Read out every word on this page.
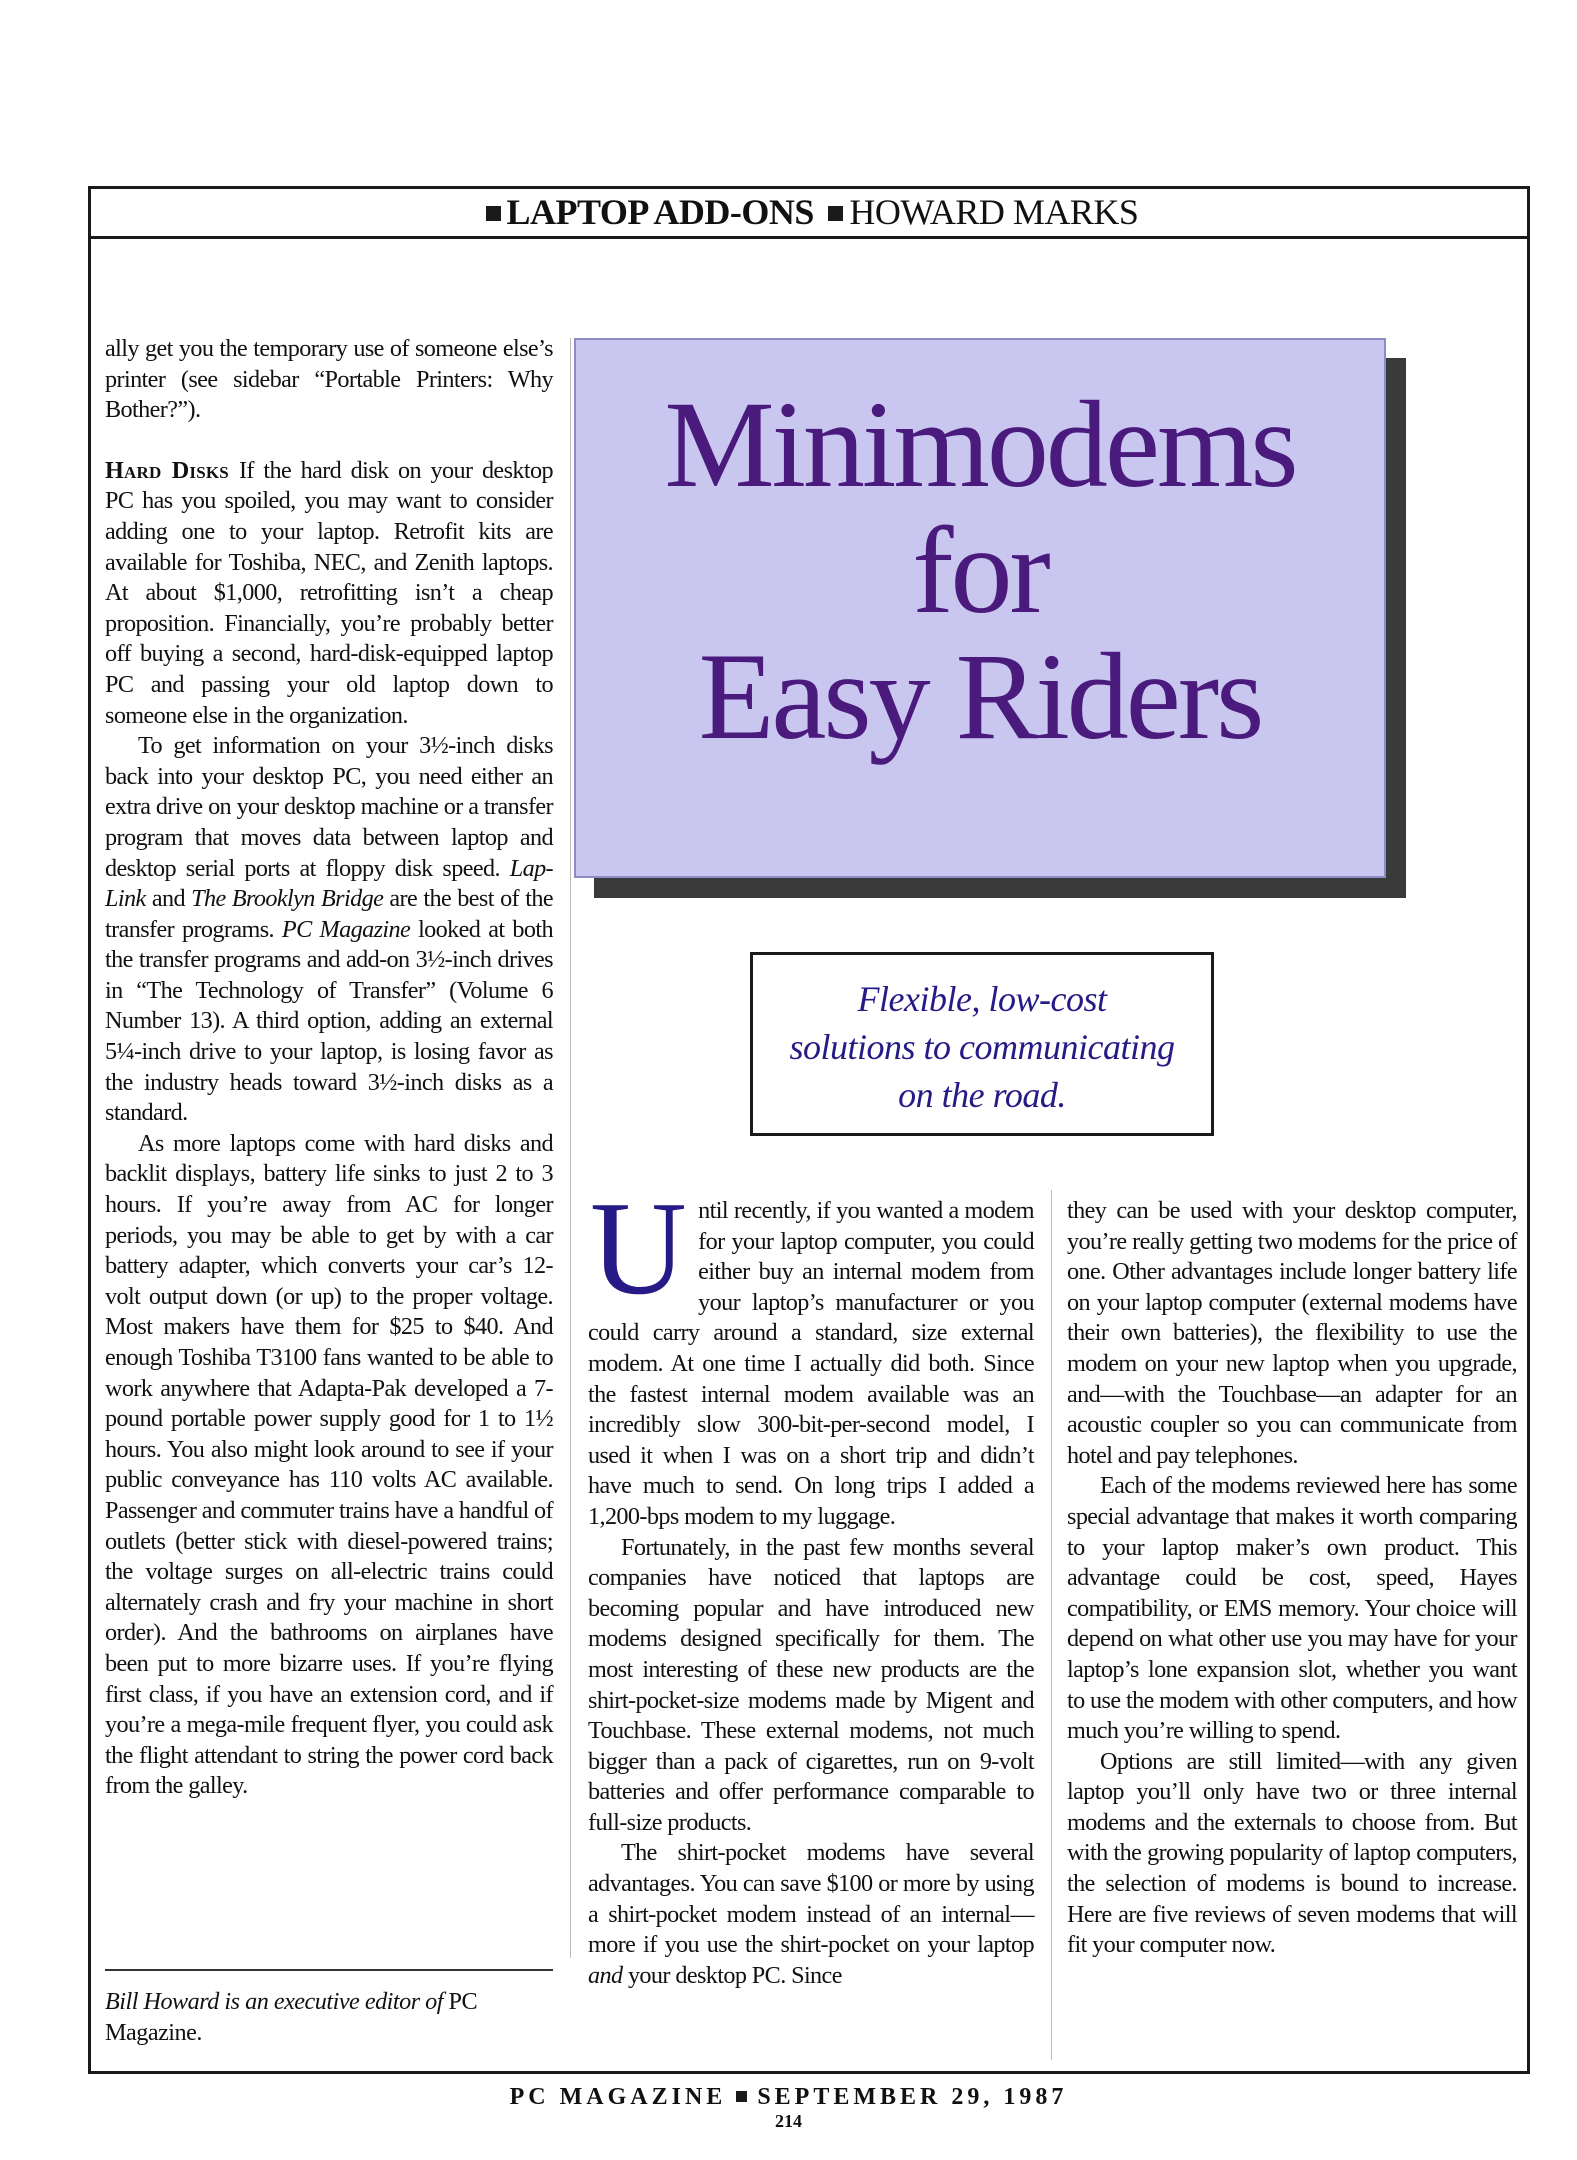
LAPTOP ADD-ONS HOWARD MARKS

ally get you the temporary use of someone else’s printer (see sidebar “Portable Printers: Why Bother?”).

Hard Disks If the hard disk on your desktop PC has you spoiled, you may want to consider adding one to your laptop. Retrofit kits are available for Toshiba, NEC, and Zenith laptops. At about $1,000, retrofitting isn’t a cheap proposition. Financially, you’re probably better off buying a second, hard-disk-equipped laptop PC and passing your old laptop down to someone else in the organization.

To get information on your 3½-inch disks back into your desktop PC, you need either an extra drive on your desktop machine or a transfer program that moves data between laptop and desktop serial ports at floppy disk speed. Lap-Link and The Brooklyn Bridge are the best of the transfer programs. PC Magazine looked at both the transfer programs and add-on 3½-inch drives in “The Technology of Transfer” (Volume 6 Number 13). A third option, adding an external 5¼-inch drive to your laptop, is losing favor as the industry heads toward 3½-inch disks as a standard.

As more laptops come with hard disks and backlit displays, battery life sinks to just 2 to 3 hours. If you’re away from AC for longer periods, you may be able to get by with a car battery adapter, which converts your car’s 12-volt output down (or up) to the proper voltage. Most makers have them for $25 to $40. And enough Toshiba T3100 fans wanted to be able to work anywhere that Adapta-Pak developed a 7-pound portable power supply good for 1 to 1½ hours. You also might look around to see if your public conveyance has 110 volts AC available. Passenger and commuter trains have a handful of outlets (better stick with diesel-powered trains; the voltage surges on all-electric trains could alternately crash and fry your machine in short order). And the bathrooms on airplanes have been put to more bizarre uses. If you’re flying first class, if you have an extension cord, and if you’re a mega-mile frequent flyer, you could ask the flight attendant to string the power cord back from the galley.

Bill Howard is an executive editor of PC Magazine.
Minimodems
for
Easy Riders
Flexible, low-cost
solutions to communicating
on the road.

Until recently, if you wanted a modem for your laptop computer, you could either buy an internal modem from your laptop’s manufacturer or you could carry around a standard, size external modem. At one time I actually did both. Since the fastest internal modem available was an incredibly slow 300-bit-per-second model, I used it when I was on a short trip and didn’t have much to send. On long trips I added a 1,200-bps modem to my luggage.

Fortunately, in the past few months several companies have noticed that laptops are becoming popular and have introduced new modems designed specifically for them. The most interesting of these new products are the shirt-pocket-size modems made by Migent and Touchbase. These external modems, not much bigger than a pack of cigarettes, run on 9-volt batteries and offer performance comparable to full-size products.

The shirt-pocket modems have several advantages. You can save $100 or more by using a shirt-pocket modem instead of an internal—more if you use the shirt-pocket on your laptop and your desktop PC. Since

they can be used with your desktop computer, you’re really getting two modems for the price of one. Other advantages include longer battery life on your laptop computer (external modems have their own batteries), the flexibility to use the modem on your new laptop when you upgrade, and—with the Touchbase—an adapter for an acoustic coupler so you can communicate from hotel and pay telephones.

Each of the modems reviewed here has some special advantage that makes it worth comparing to your laptop maker’s own product. This advantage could be cost, speed, Hayes compatibility, or EMS memory. Your choice will depend on what other use you may have for your laptop’s lone expansion slot, whether you want to use the modem with other computers, and how much you’re willing to spend.

Options are still limited—with any given laptop you’ll only have two or three internal modems and the externals to choose from. But with the growing popularity of laptop computers, the selection of modems is bound to increase. Here are five reviews of seven modems that will fit your computer now.

PC MAGAZINE SEPTEMBER 29, 1987
214
